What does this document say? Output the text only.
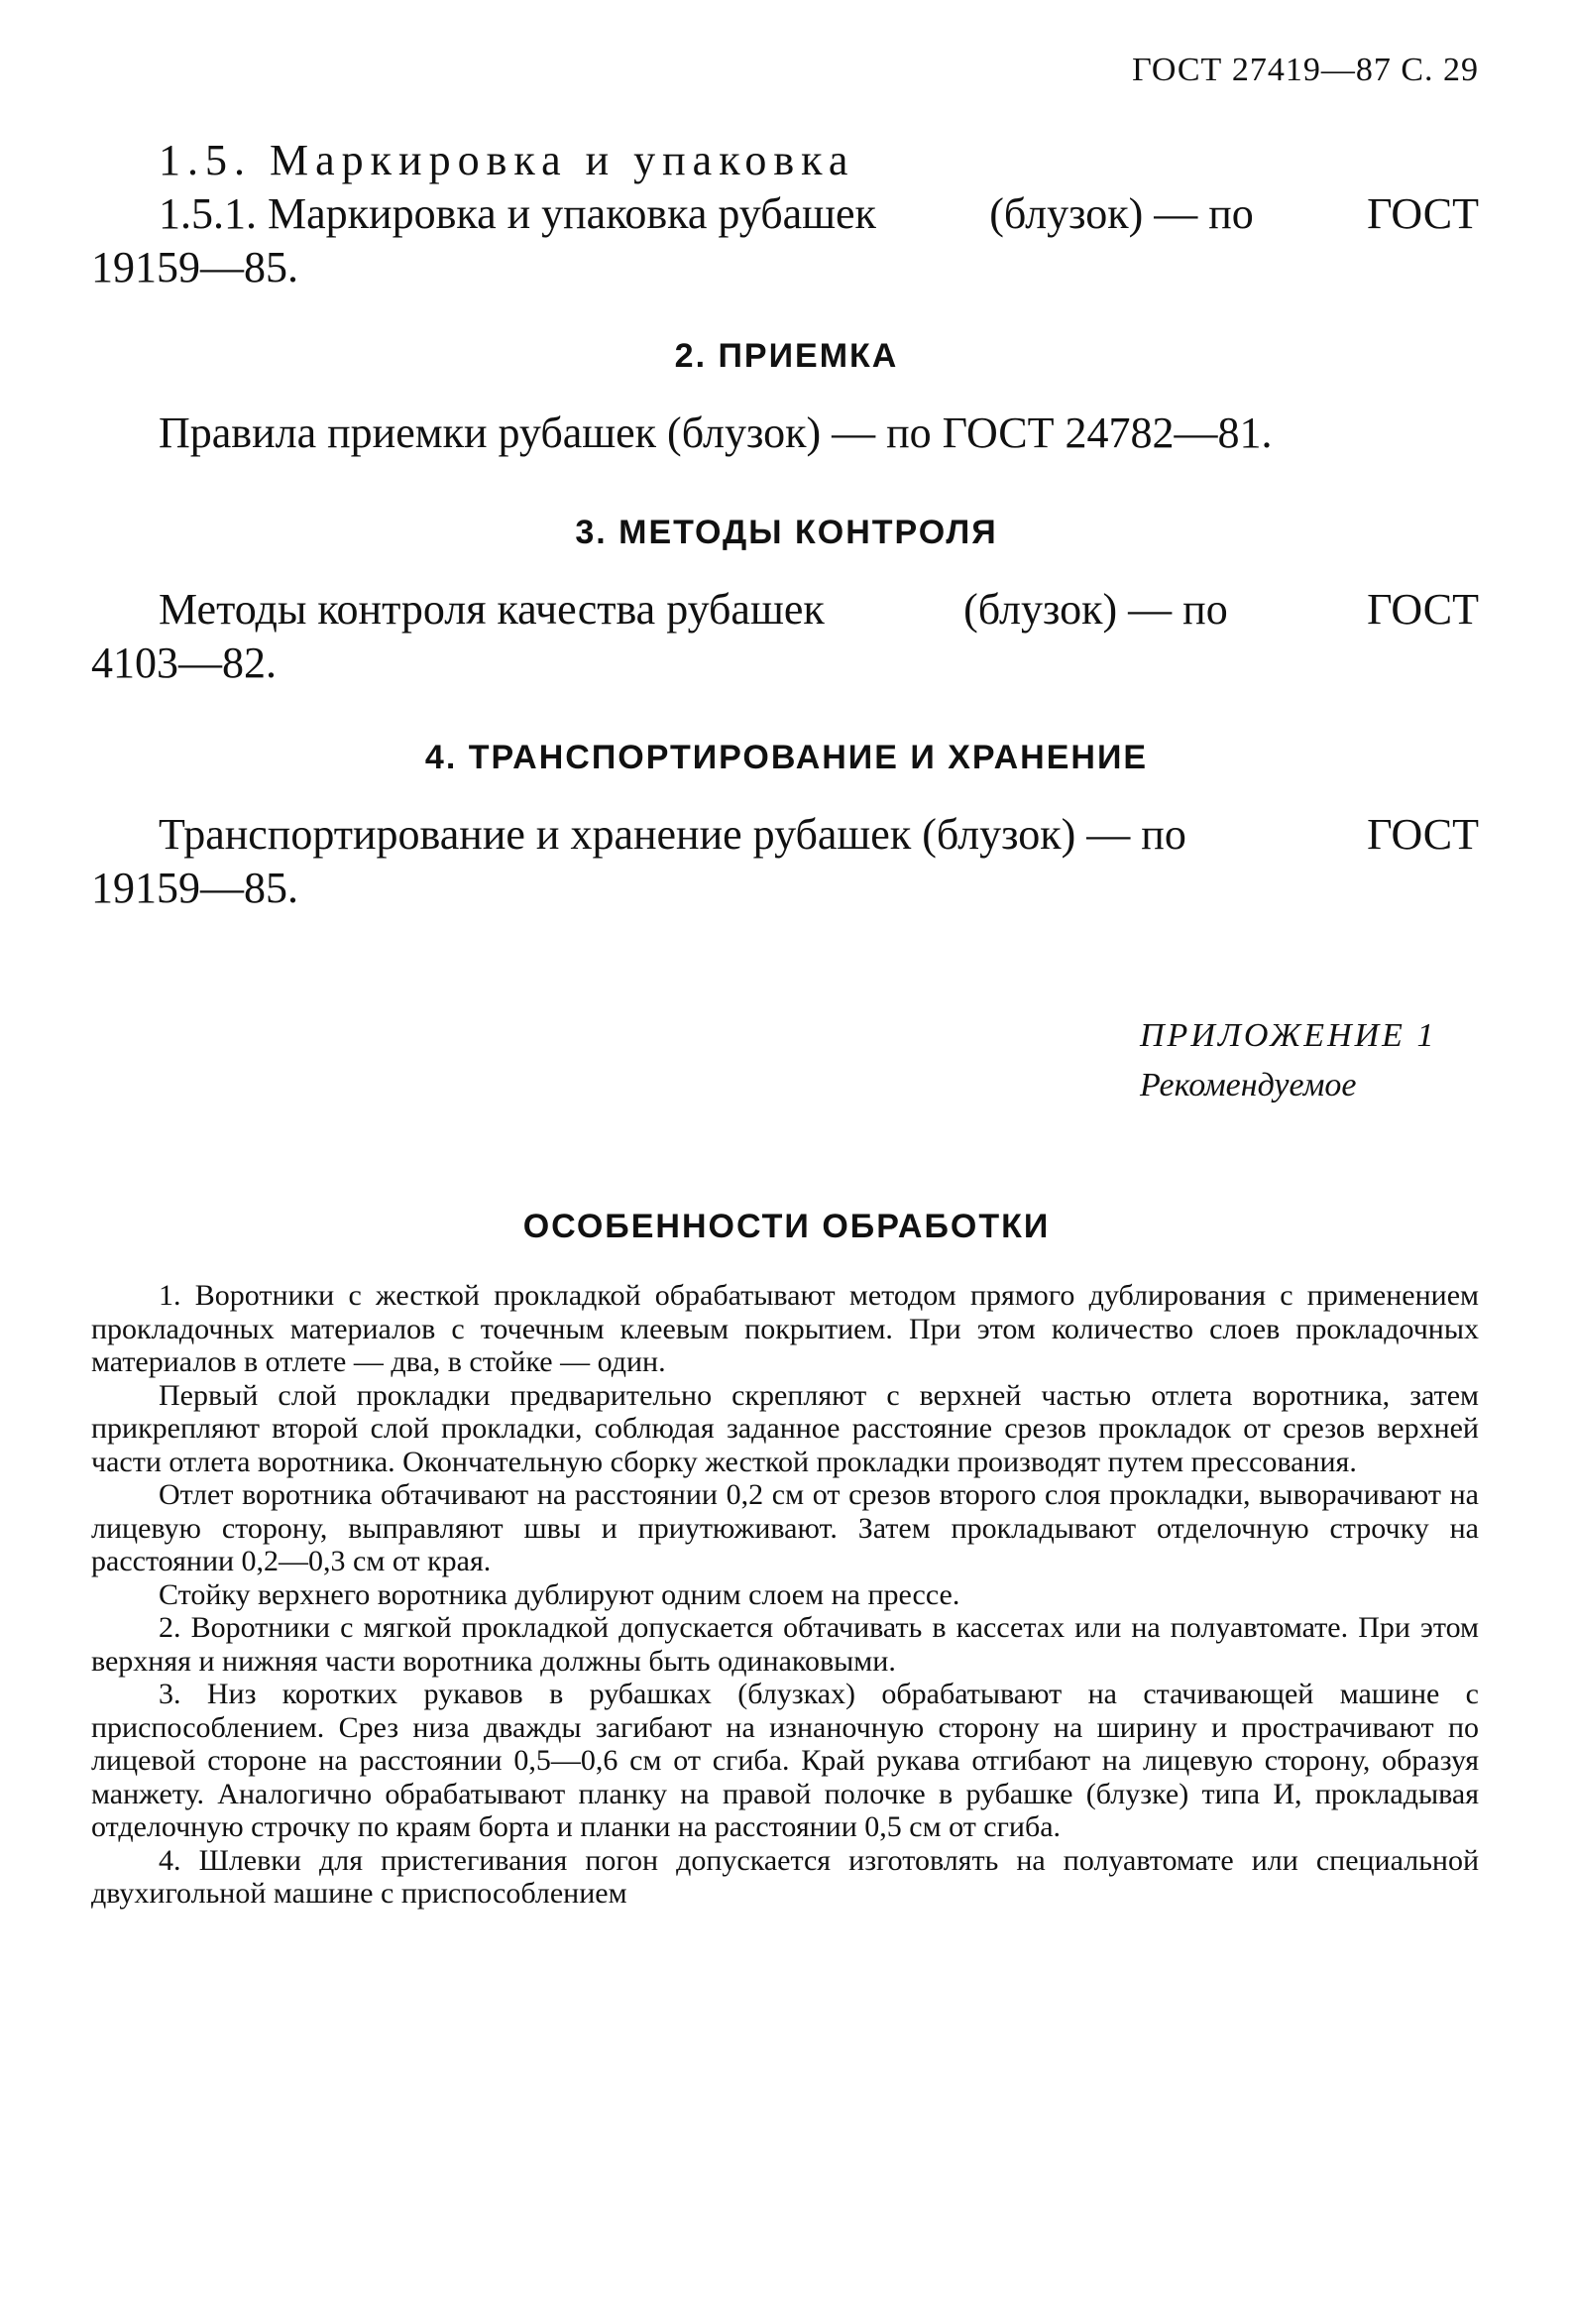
ГОСТ 27419—87 С. 29
1.5. Маркировка и упаковка
1.5.1. Маркировка и упаковка рубашек	(блузок) — по	ГОСТ
19159—85.
2. ПРИЕМКА
Правила приемки рубашек (блузок) — по ГОСТ 24782—81.
3. МЕТОДЫ КОНТРОЛЯ
Методы контроля качества рубашек	(блузок) — по	ГОСТ
4103—82.
4. ТРАНСПОРТИРОВАНИЕ И ХРАНЕНИЕ
Транспортирование и хранение рубашек (блузок) — по	ГОСТ
19159—85.
ПРИЛОЖЕНИЕ 1
Рекомендуемое
ОСОБЕННОСТИ ОБРАБОТКИ

1. Воротники с жесткой прокладкой обрабатывают методом прямого дублирования с применением прокладочных материалов с точечным клеевым покрытием. При этом количество слоев прокладочных материалов в отлете — два, в стойке — один.

Первый слой прокладки предварительно скрепляют с верхней частью отлета воротника, затем прикрепляют второй слой прокладки, соблюдая заданное расстояние срезов прокладок от срезов верхней части отлета воротника. Окончательную сборку жесткой прокладки производят путем прессования.

Отлет воротника обтачивают на расстоянии 0,2 см от срезов второго слоя прокладки, выворачивают на лицевую сторону, выправляют швы и приутюживают. Затем прокладывают отделочную строчку на расстоянии 0,2—0,3 см от края.

Стойку верхнего воротника дублируют одним слоем на прессе.

2. Воротники с мягкой прокладкой допускается обтачивать в кассетах или на полуавтомате. При этом верхняя и нижняя части воротника должны быть одинаковыми.

3. Низ коротких рукавов в рубашках (блузках) обрабатывают на стачивающей машине с приспособлением. Срез низа дважды загибают на изнаночную сторону на ширину и прострачивают по лицевой стороне на расстоянии 0,5—0,6 см от сгиба. Край рукава отгибают на лицевую сторону, образуя манжету. Аналогично обрабатывают планку на правой полочке в рубашке (блузке) типа И, прокладывая отделочную строчку по краям борта и планки на расстоянии 0,5 см от сгиба.

4. Шлевки для пристегивания погон допускается изготовлять на полуавтомате или специальной двухигольной машине с приспособлением
